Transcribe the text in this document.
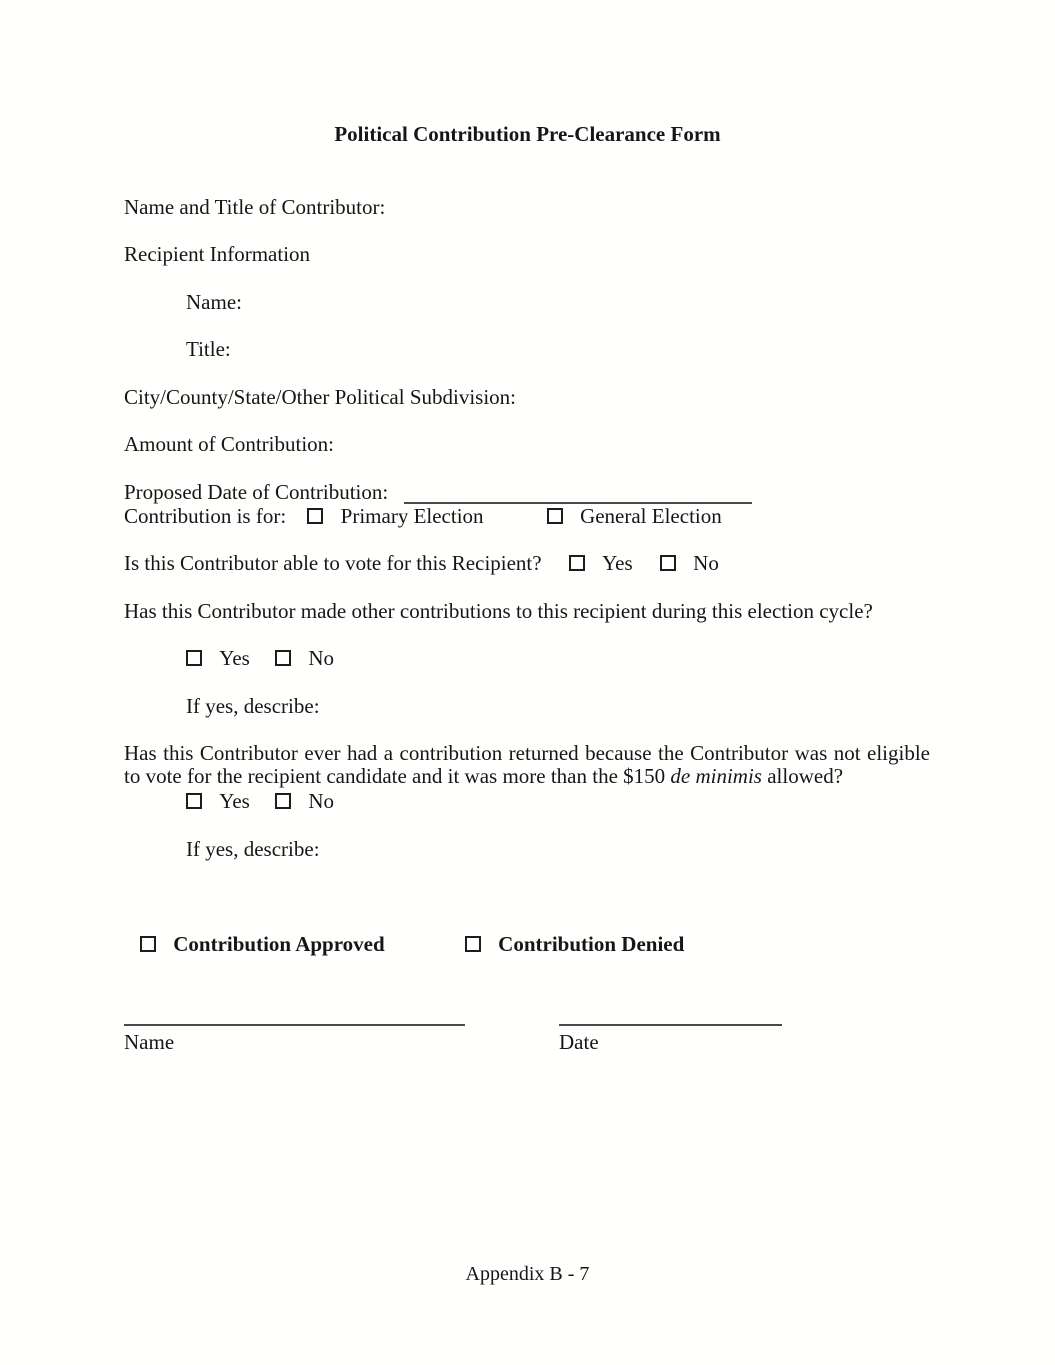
Political Contribution Pre-Clearance Form
Name and Title of Contributor:
Recipient Information
Name:
Title:
City/County/State/Other Political Subdivision:
Amount of Contribution:
Proposed Date of Contribution:
Contribution is for:	Primary Election	General Election
Is this Contributor able to vote for this Recipient?	Yes	No
Has this Contributor made other contributions to this recipient during this election cycle?
Yes	No
If yes, describe:
Has this Contributor ever had a contribution returned because the Contributor was not eligible to vote for the recipient candidate and it was more than the $150 de minimis allowed?
Yes	No
If yes, describe:
Contribution Approved	Contribution Denied
Name	Date
Appendix B - 7
